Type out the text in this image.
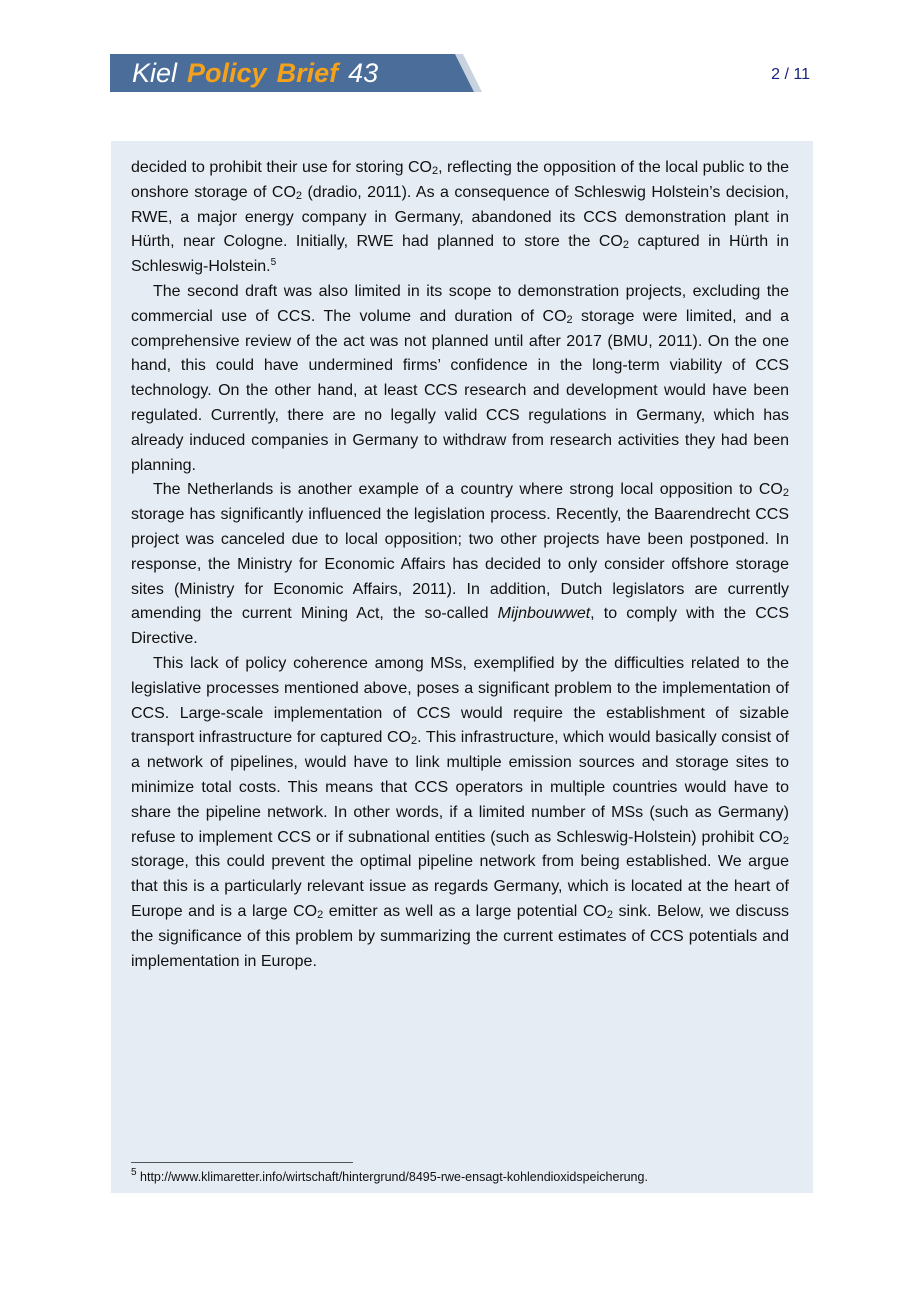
Kiel Policy Brief 43	2 / 11

decided to prohibit their use for storing $CO_2$, reflecting the opposition of the local public to the onshore storage of $CO_2$ (dradio, 2011). As a consequence of Schleswig Holstein’s decision, RWE, a major energy company in Germany, abandoned its CCS demonstration plant in Hürth, near Cologne. Initially, RWE had planned to store the $CO_2$ captured in Hürth in Schleswig-Holstein.$^5$

The second draft was also limited in its scope to demonstration projects, excluding the commercial use of CCS. The volume and duration of $CO_2$ storage were limited, and a comprehensive review of the act was not planned until after 2017 (BMU, 2011). On the one hand, this could have undermined firms’ confidence in the long-term viability of CCS technology. On the other hand, at least CCS research and development would have been regulated. Currently, there are no legally valid CCS regulations in Germany, which has already induced companies in Germany to withdraw from research activities they had been planning.

The Netherlands is another example of a country where strong local opposition to $CO_2$ storage has significantly influenced the legislation process. Recently, the Baarendrecht CCS project was canceled due to local opposition; two other projects have been postponed. In response, the Ministry for Economic Affairs has decided to only consider offshore storage sites (Ministry for Economic Affairs, 2011). In addition, Dutch legislators are currently amending the current Mining Act, the so-called Mijnbouwwet, to comply with the CCS Directive.

This lack of policy coherence among MSs, exemplified by the difficulties related to the legislative processes mentioned above, poses a significant problem to the implementation of CCS. Large-scale implementation of CCS would require the establishment of sizable transport infrastructure for captured $CO_2$. This infrastructure, which would basically consist of a network of pipelines, would have to link multiple emission sources and storage sites to minimize total costs. This means that CCS operators in multiple countries would have to share the pipeline network. In other words, if a limited number of MSs (such as Germany) refuse to implement CCS or if subnational entities (such as Schleswig-Holstein) prohibit $CO_2$ storage, this could prevent the optimal pipeline network from being established. We argue that this is a particularly relevant issue as regards Germany, which is located at the heart of Europe and is a large $CO_2$ emitter as well as a large potential $CO_2$ sink. Below, we discuss the significance of this problem by summarizing the current estimates of CCS potentials and implementation in Europe.

$^5$ http://www.klimaretter.info/wirtschaft/hintergrund/8495-rwe-ensagt-kohlendioxidspeicherung.
